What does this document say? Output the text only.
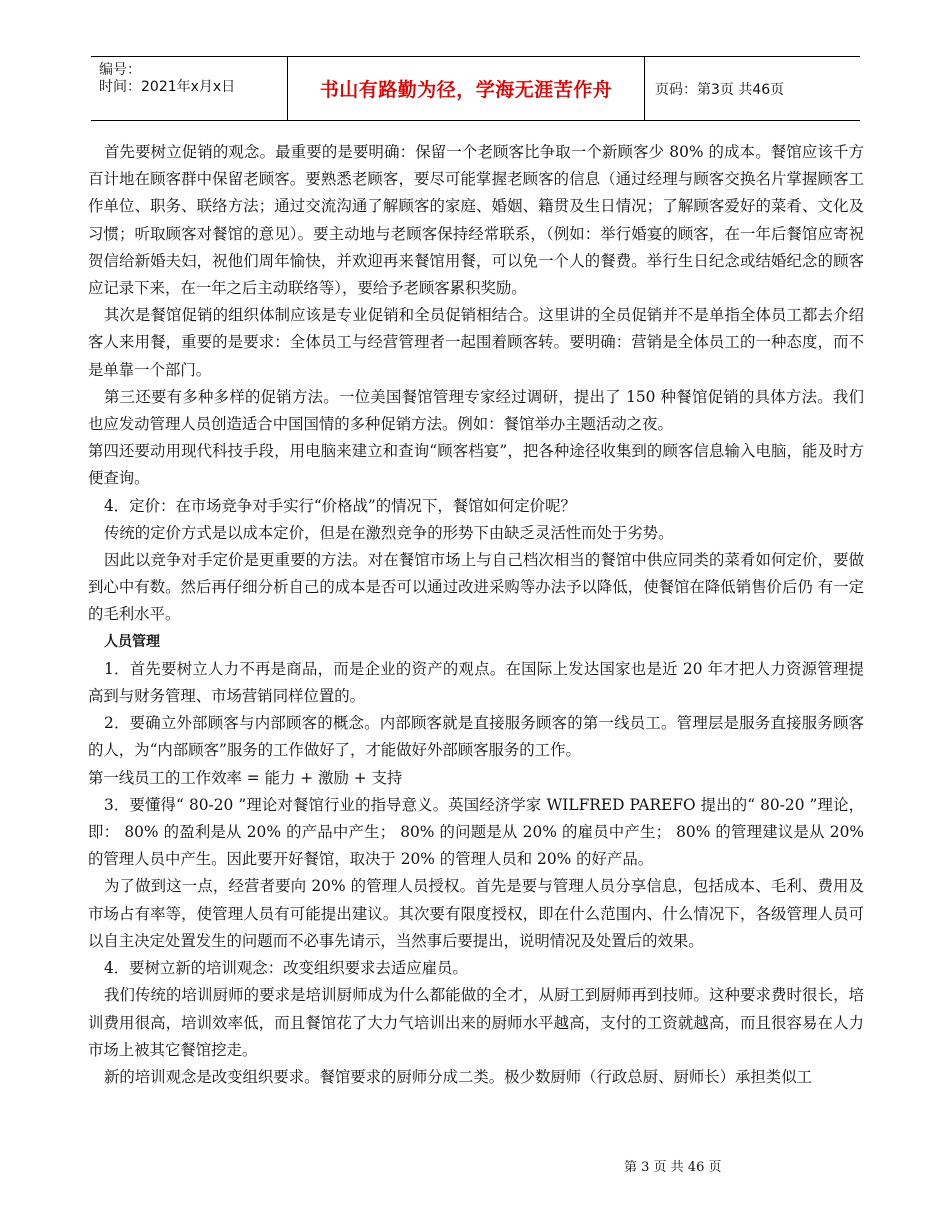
编号：
时间：2021年x月x日	书山有路勤为径，学海无涯苦作舟	页码：第3页 共46页

首先要树立促销的观念。最重要的是要明确：保留一个老顾客比争取一个新顾客少 80% 的成本。餐馆应该千方百计地在顾客群中保留老顾客。要熟悉老顾客，要尽可能掌握老顾客的信息（通过经理与顾客交换名片掌握顾客工作单位、职务、联络方法；通过交流沟通了解顾客的家庭、婚姻、籍贯及生日情况；了解顾客爱好的菜肴、文化及习惯；听取顾客对餐馆的意见）。要主动地与老顾客保持经常联系，（例如：举行婚宴的顾客，在一年后餐馆应寄祝贺信给新婚夫妇，祝他们周年愉快，并欢迎再来餐馆用餐，可以免一个人的餐费。举行生日纪念或结婚纪念的顾客应记录下来，在一年之后主动联络等），要给予老顾客累积奖励。

其次是餐馆促销的组织体制应该是专业促销和全员促销相结合。这里讲的全员促销并不是单指全体员工都去介绍客人来用餐，重要的是要求：全体员工与经营管理者一起围着顾客转。要明确：营销是全体员工的一种态度，而不是单靠一个部门。

第三还要有多种多样的促销方法。一位美国餐馆管理专家经过调研，提出了 150 种餐馆促销的具体方法。我们也应发动管理人员创造适合中国国情的多种促销方法。例如：餐馆举办主题活动之夜。

第四还要动用现代科技手段，用电脑来建立和查询“顾客档宴”，把各种途径收集到的顾客信息输入电脑，能及时方便查询。

4．定价：在市场竞争对手实行“价格战”的情况下，餐馆如何定价呢？

传统的定价方式是以成本定价，但是在激烈竞争的形势下由缺乏灵活性而处于劣势。

因此以竞争对手定价是更重要的方法。对在餐馆市场上与自己档次相当的餐馆中供应同类的菜肴如何定价，要做到心中有数。然后再仔细分析自己的成本是否可以通过改进采购等办法予以降低，使餐馆在降低销售价后仍 有一定的毛利水平。

人员管理

1．首先要树立人力不再是商品，而是企业的资产的观点。在国际上发达国家也是近 20 年才把人力资源管理提高到与财务管理、市场营销同样位置的。

2．要确立外部顾客与内部顾客的概念。内部顾客就是直接服务顾客的第一线员工。管理层是服务直接服务顾客的人，为“内部顾客”服务的工作做好了，才能做好外部顾客服务的工作。

第一线员工的工作效率 = 能力 + 激励 + 支持

3．要懂得“ 80-20 ”理论对餐馆行业的指导意义。英国经济学家 WILFRED PAREFO 提出的“ 80-20 ”理论，即： 80% 的盈利是从 20% 的产品中产生； 80% 的问题是从 20% 的雇员中产生； 80% 的管理建议是从 20% 的管理人员中产生。因此要开好餐馆，取决于 20% 的管理人员和 20% 的好产品。

为了做到这一点，经营者要向 20% 的管理人员授权。首先是要与管理人员分享信息，包括成本、毛利、费用及市场占有率等，使管理人员有可能提出建议。其次要有限度授权，即在什么范围内、什么情况下，各级管理人员可以自主决定处置发生的问题而不必事先请示，当然事后要提出，说明情况及处置后的效果。

4．要树立新的培训观念：改变组织要求去适应雇员。

我们传统的培训厨师的要求是培训厨师成为什么都能做的全才，从厨工到厨师再到技师。这种要求费时很长，培训费用很高，培训效率低，而且餐馆花了大力气培训出来的厨师水平越高，支付的工资就越高，而且很容易在人力市场上被其它餐馆挖走。

新的培训观念是改变组织要求。餐馆要求的厨师分成二类。极少数厨师（行政总厨、厨师长）承担类似工

第 3 页 共 46 页
